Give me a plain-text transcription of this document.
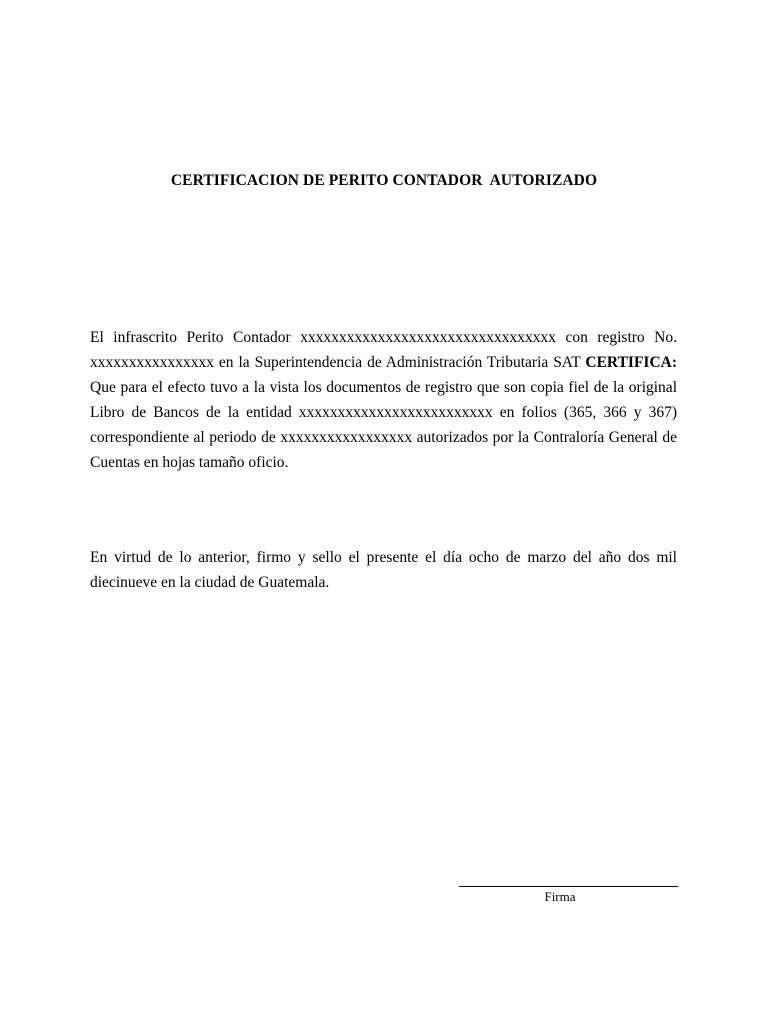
CERTIFICACION DE PERITO CONTADOR  AUTORIZADO

El infrascrito Perito Contador xxxxxxxxxxxxxxxxxxxxxxxxxxxxxxxxx con registro No. xxxxxxxxxxxxxxxx en la Superintendencia de Administración Tributaria SAT CERTIFICA: Que para el efecto tuvo a la vista los documentos de registro que son copia fiel de la original Libro de Bancos de la entidad xxxxxxxxxxxxxxxxxxxxxxxxx en folios (365, 366 y 367) correspondiente al periodo de xxxxxxxxxxxxxxxxx autorizados por la Contraloría General de Cuentas en hojas tamaño oficio.

En virtud de lo anterior, firmo y sello el presente el día ocho de marzo del año dos mil diecinueve en la ciudad de Guatemala.

Firma
